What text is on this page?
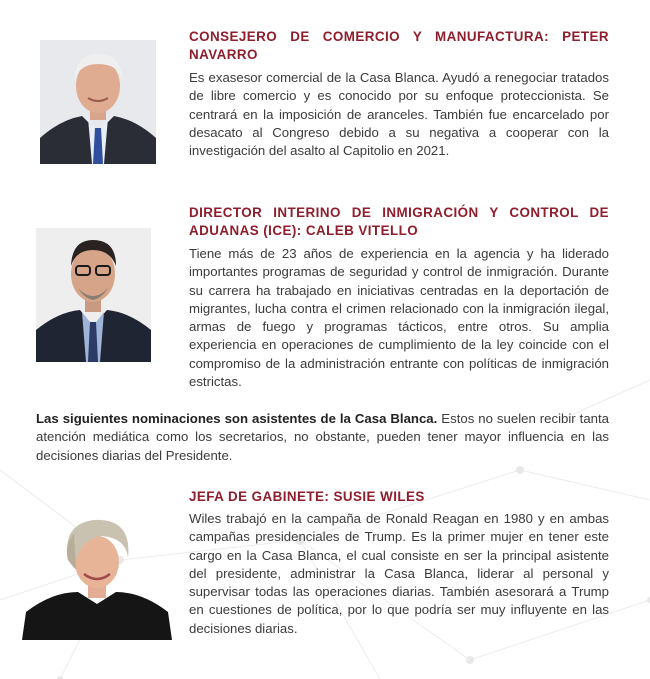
CONSEJERO DE COMERCIO Y MANUFACTURA: PETER NAVARRO

Es exasesor comercial de la Casa Blanca. Ayudó a renegociar tratados de libre comercio y es conocido por su enfoque proteccionista. Se centrará en la imposición de aranceles. También fue encarcelado por desacato al Congreso debido a su negativa a cooperar con la investigación del asalto al Capitolio en 2021.

DIRECTOR INTERINO DE INMIGRACIÓN Y CONTROL DE ADUANAS (ICE): CALEB VITELLO

Tiene más de 23 años de experiencia en la agencia y ha liderado importantes programas de seguridad y control de inmigración. Durante su carrera ha trabajado en iniciativas centradas en la deportación de migrantes, lucha contra el crimen relacionado con la inmigración ilegal, armas de fuego y programas tácticos, entre otros. Su amplia experiencia en operaciones de cumplimiento de la ley coincide con el compromiso de la administración entrante con políticas de inmigración estrictas.

Las siguientes nominaciones son asistentes de la Casa Blanca. Estos no suelen recibir tanta atención mediática como los secretarios, no obstante, pueden tener mayor influencia en las decisiones diarias del Presidente.

JEFA DE GABINETE: SUSIE WILES

Wiles trabajó en la campaña de Ronald Reagan en 1980 y en ambas campañas presidenciales de Trump. Es la primer mujer en tener este cargo en la Casa Blanca, el cual consiste en ser la principal asistente del presidente, administrar la Casa Blanca, liderar al personal y supervisar todas las operaciones diarias. También asesorará a Trump en cuestiones de política, por lo que podría ser muy influyente en las decisiones diarias.
